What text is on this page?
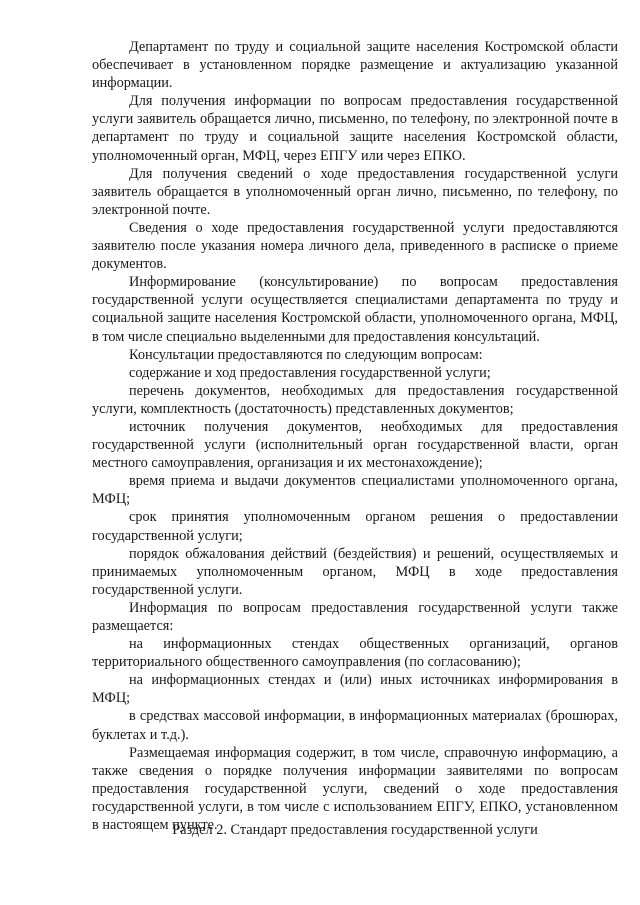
Департамент по труду и социальной защите населения Костромской области обеспечивает в установленном порядке размещение и актуализацию указанной информации.

Для получения информации по вопросам предоставления государственной услуги заявитель обращается лично, письменно, по телефону, по электронной почте в департамент по труду и социальной защите населения Костромской области, уполномоченный орган, МФЦ, через ЕПГУ или через ЕПКО.

Для получения сведений о ходе предоставления государственной услуги заявитель обращается в уполномоченный орган лично, письменно, по телефону, по электронной почте.

Сведения о ходе предоставления государственной услуги предоставляются заявителю после указания номера личного дела, приведенного в расписке о приеме документов.

Информирование (консультирование) по вопросам предоставления государственной услуги осуществляется специалистами департамента по труду и социальной защите населения Костромской области, уполномоченного органа, МФЦ, в том числе специально выделенными для предоставления консультаций.

Консультации предоставляются по следующим вопросам:

содержание и ход предоставления государственной услуги;

перечень документов, необходимых для предоставления государственной услуги, комплектность (достаточность) представленных документов;

источник получения документов, необходимых для предоставления государственной услуги (исполнительный орган государственной власти, орган местного самоуправления, организация и их местонахождение);

время приема и выдачи документов специалистами уполномоченного органа, МФЦ;

срок принятия уполномоченным органом решения о предоставлении государственной услуги;

порядок обжалования действий (бездействия) и решений, осуществляемых и принимаемых уполномоченным органом, МФЦ в ходе предоставления государственной услуги.

Информация по вопросам предоставления государственной услуги также размещается:

на информационных стендах общественных организаций, органов территориального общественного самоуправления (по согласованию);

на информационных стендах и (или) иных источниках информирования в МФЦ;

в средствах массовой информации, в информационных материалах (брошюрах, буклетах и т.д.).

Размещаемая информация содержит, в том числе, справочную информацию, а также сведения о порядке получения информации заявителями по вопросам предоставления государственной услуги, сведений о ходе предоставления государственной услуги, в том числе с использованием ЕПГУ, ЕПКО, установленном в настоящем пункте.

Раздел 2. Стандарт предоставления государственной услуги
